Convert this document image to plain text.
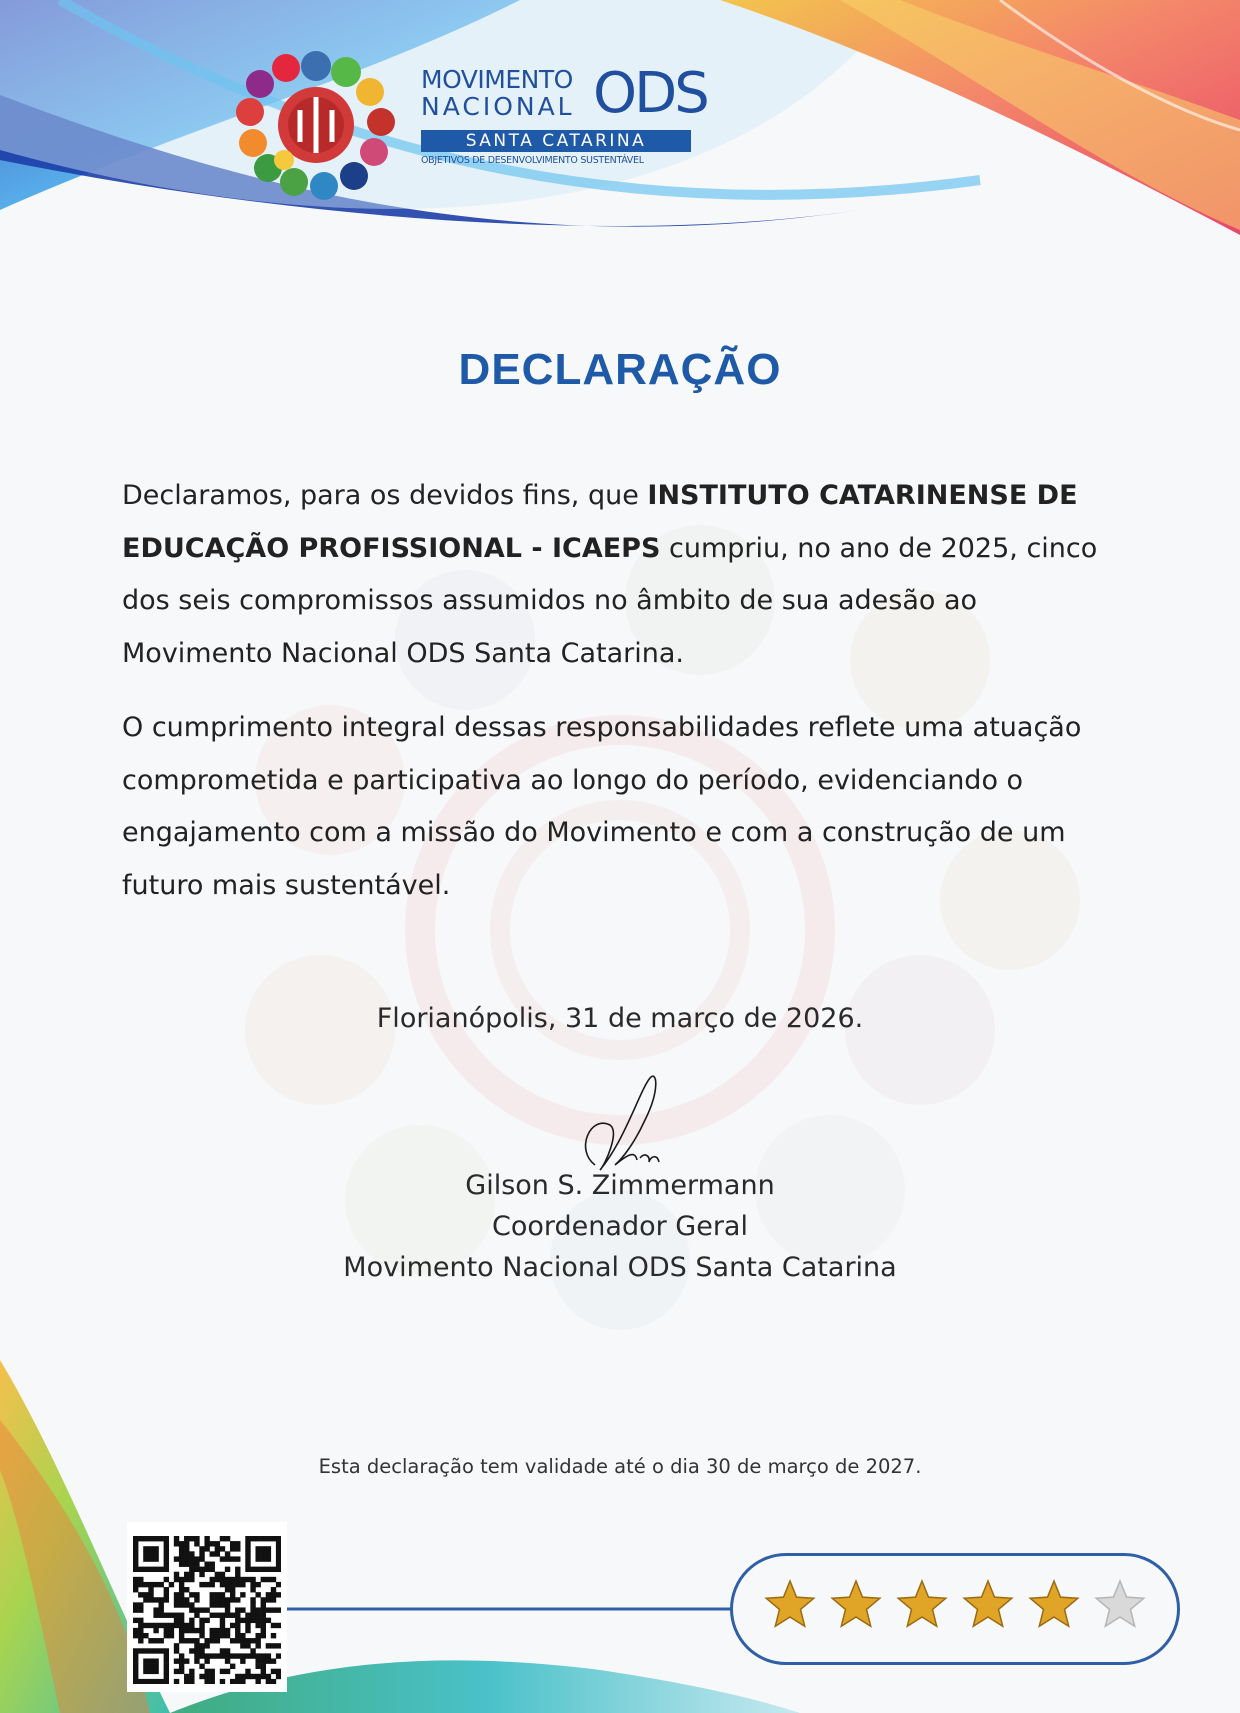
MOVIMENTO
NACIONAL ODS
SANTA CATARINA
OBJETIVOS DE DESENVOLVIMENTO SUSTENTÁVEL
DECLARAÇÃO

Declaramos, para os devidos fins, que INSTITUTO CATARINENSE DE EDUCAÇÃO PROFISSIONAL - ICAEPS cumpriu, no ano de 2025, cinco dos seis compromissos assumidos no âmbito de sua adesão ao Movimento Nacional ODS Santa Catarina.

O cumprimento integral dessas responsabilidades reflete uma atuação comprometida e participativa ao longo do período, evidenciando o engajamento com a missão do Movimento e com a construção de um futuro mais sustentável.

Florianópolis, 31 de março de 2026.
Gilson S. Zimmermann
Coordenador Geral
Movimento Nacional ODS Santa Catarina
Esta declaração tem validade até o dia 30 de março de 2027.
